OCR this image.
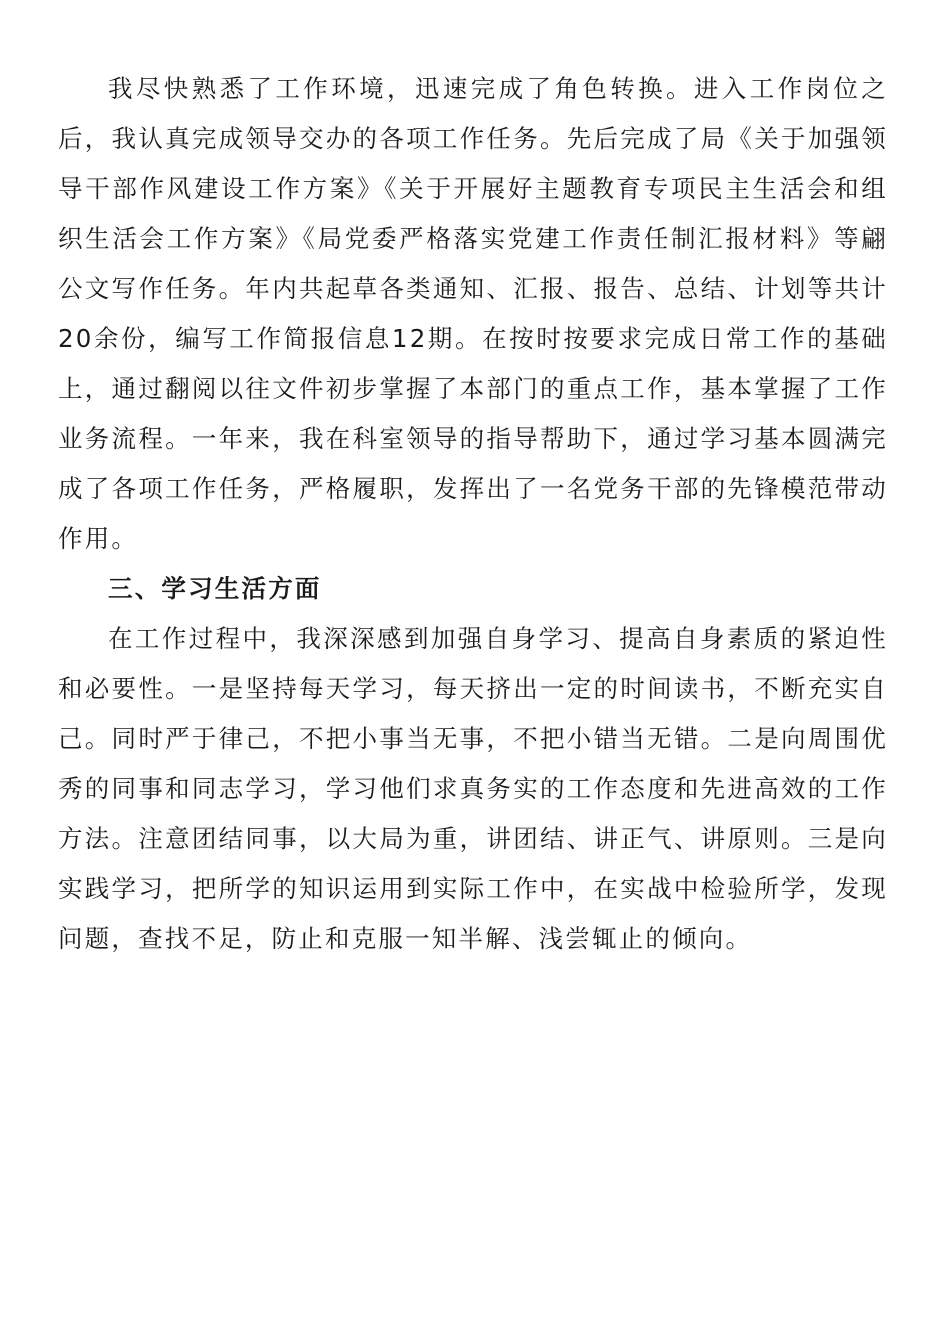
我尽快熟悉了工作环境，迅速完成了角色转换。进入工作岗位之后，我认真完成领导交办的各项工作任务。先后完成了局《关于加强领导干部作风建设工作方案》《关于开展好主题教育专项民主生活会和组织生活会工作方案》《局党委严格落实党建工作责任制汇报材料》等翩公文写作任务。年内共起草各类通知、汇报、报告、总结、计划等共计20余份，编写工作简报信息12期。在按时按要求完成日常工作的基础上，通过翻阅以往文件初步掌握了本部门的重点工作，基本掌握了工作业务流程。一年来，我在科室领导的指导帮助下，通过学习基本圆满完成了各项工作任务，严格履职，发挥出了一名党务干部的先锋模范带动作用。

三、学习生活方面

在工作过程中，我深深感到加强自身学习、提高自身素质的紧迫性和必要性。一是坚持每天学习，每天挤出一定的时间读书，不断充实自己。同时严于律己，不把小事当无事，不把小错当无错。二是向周围优秀的同事和同志学习，学习他们求真务实的工作态度和先进高效的工作方法。注意团结同事，以大局为重，讲团结、讲正气、讲原则。三是向实践学习，把所学的知识运用到实际工作中，在实战中检验所学，发现问题，查找不足，防止和克服一知半解、浅尝辄止的倾向。
